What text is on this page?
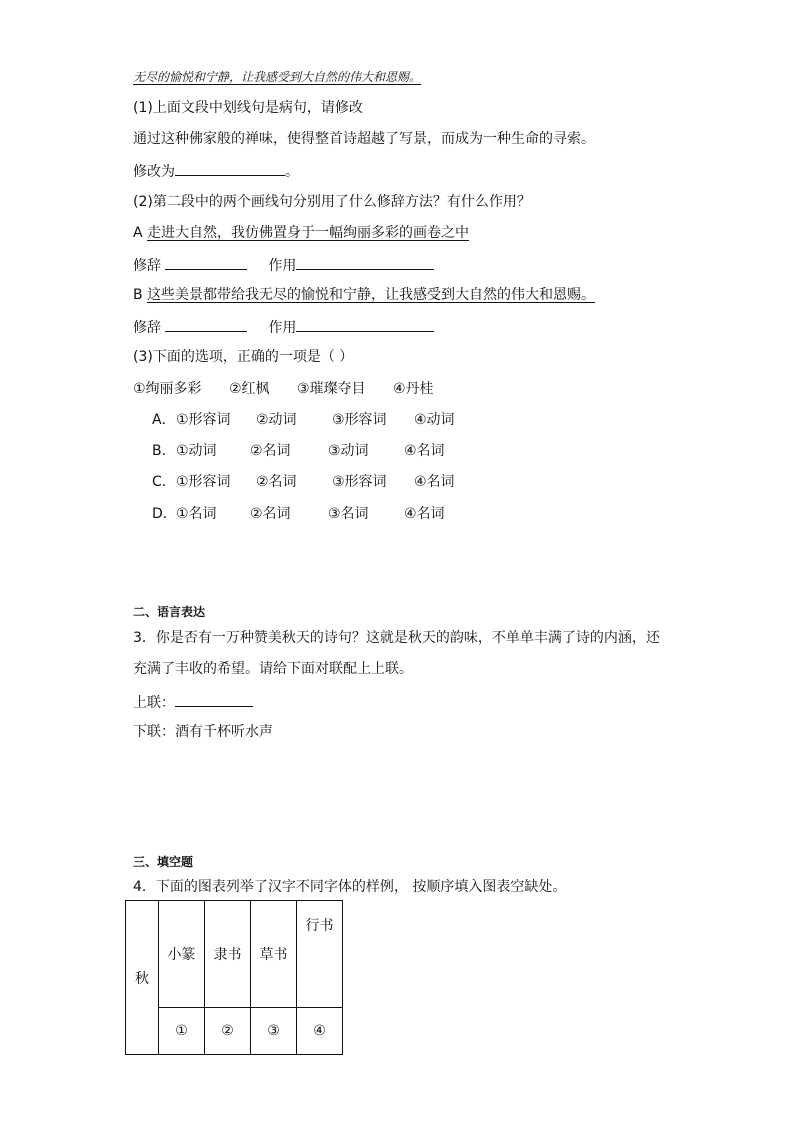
无尽的愉悦和宁静，让我感受到大自然的伟大和恩赐。
(1)上面文段中划线句是病句，请修改
通过这种佛家般的禅味，使得整首诗超越了写景，而成为一种生命的寻索。
修改为	。
(2)第二段中的两个画线句分别用了什么修辞方法？有什么作用？
A 走进大自然，我仿佛置身于一幅绚丽多彩的画卷之中
修辞	作用
B 这些美景都带给我无尽的愉悦和宁静，让我感受到大自然的伟大和恩赐。
修辞	作用
(3)下面的选项，正确的一项是（ ）
①绚丽多彩 ②红枫 ③璀璨夺目 ④丹桂
A．①形容词 ②动词	③形容词 ④动词
B．①动词 ②名词	③动词	④名词
C．①形容词 ②名词	③形容词 ④名词
D．①名词 ②名词	③名词	④名词
二、语言表达
3．你是否有一万种赞美秋天的诗句？这就是秋天的韵味，不单单丰满了诗的内涵，还
充满了丰收的希望。请给下面对联配上上联。
上联：
下联：酒有千杯听水声
三、填空题
4．下面的图表列举了汉字不同字体的样例， 按顺序填入图表空缺处。
秋	小篆	隶书	草书	行书
	①	②	③	④
